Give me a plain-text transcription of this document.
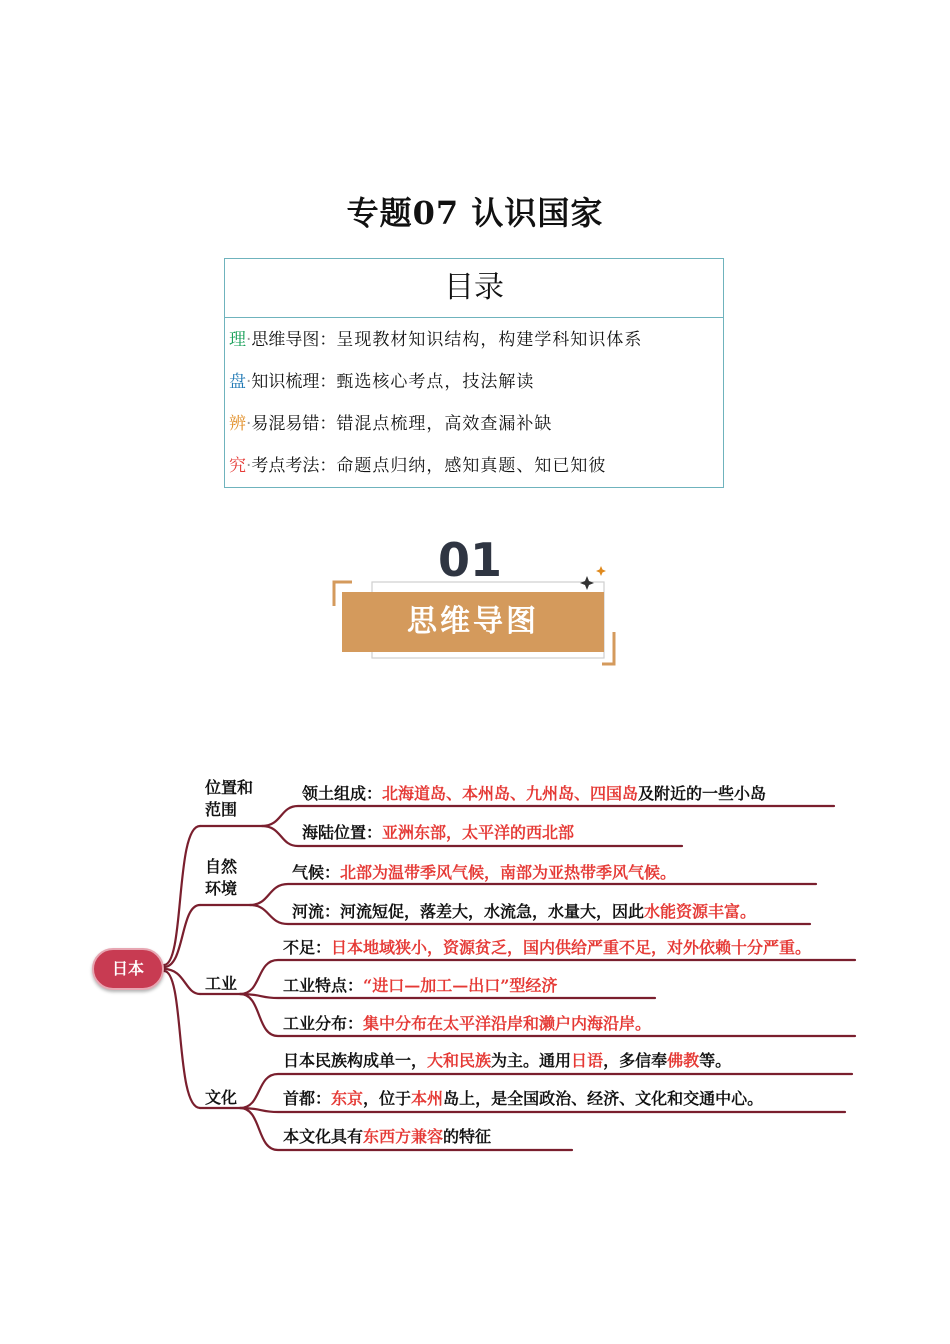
专题07 认识国家
目录
理·思维导图：呈现教材知识结构，构建学科知识体系
盘·知识梳理：甄选核心考点，技法解读
辨·易混易错：错混点梳理，高效查漏补缺
究·考点考法：命题点归纳，感知真题、知已知彼
01
思维导图
日本
位置和
范围
自然
环境
工业
文化
领土组成：北海道岛、本州岛、九州岛、四国岛及附近的一些小岛
海陆位置：亚洲东部，太平洋的西北部
气候：北部为温带季风气候，南部为亚热带季风气候。
河流：河流短促，落差大，水流急，水量大，因此水能资源丰富。
不足：日本地域狭小，资源贫乏，国内供给严重不足，对外依赖十分严重。
工业特点：“进口—加工—出口”型经济
工业分布：集中分布在太平洋沿岸和濑户内海沿岸。
日本民族构成单一，大和民族为主。通用日语，多信奉佛教等。
首都：东京，位于本州岛上，是全国政治、经济、文化和交通中心。
本文化具有东西方兼容的特征
